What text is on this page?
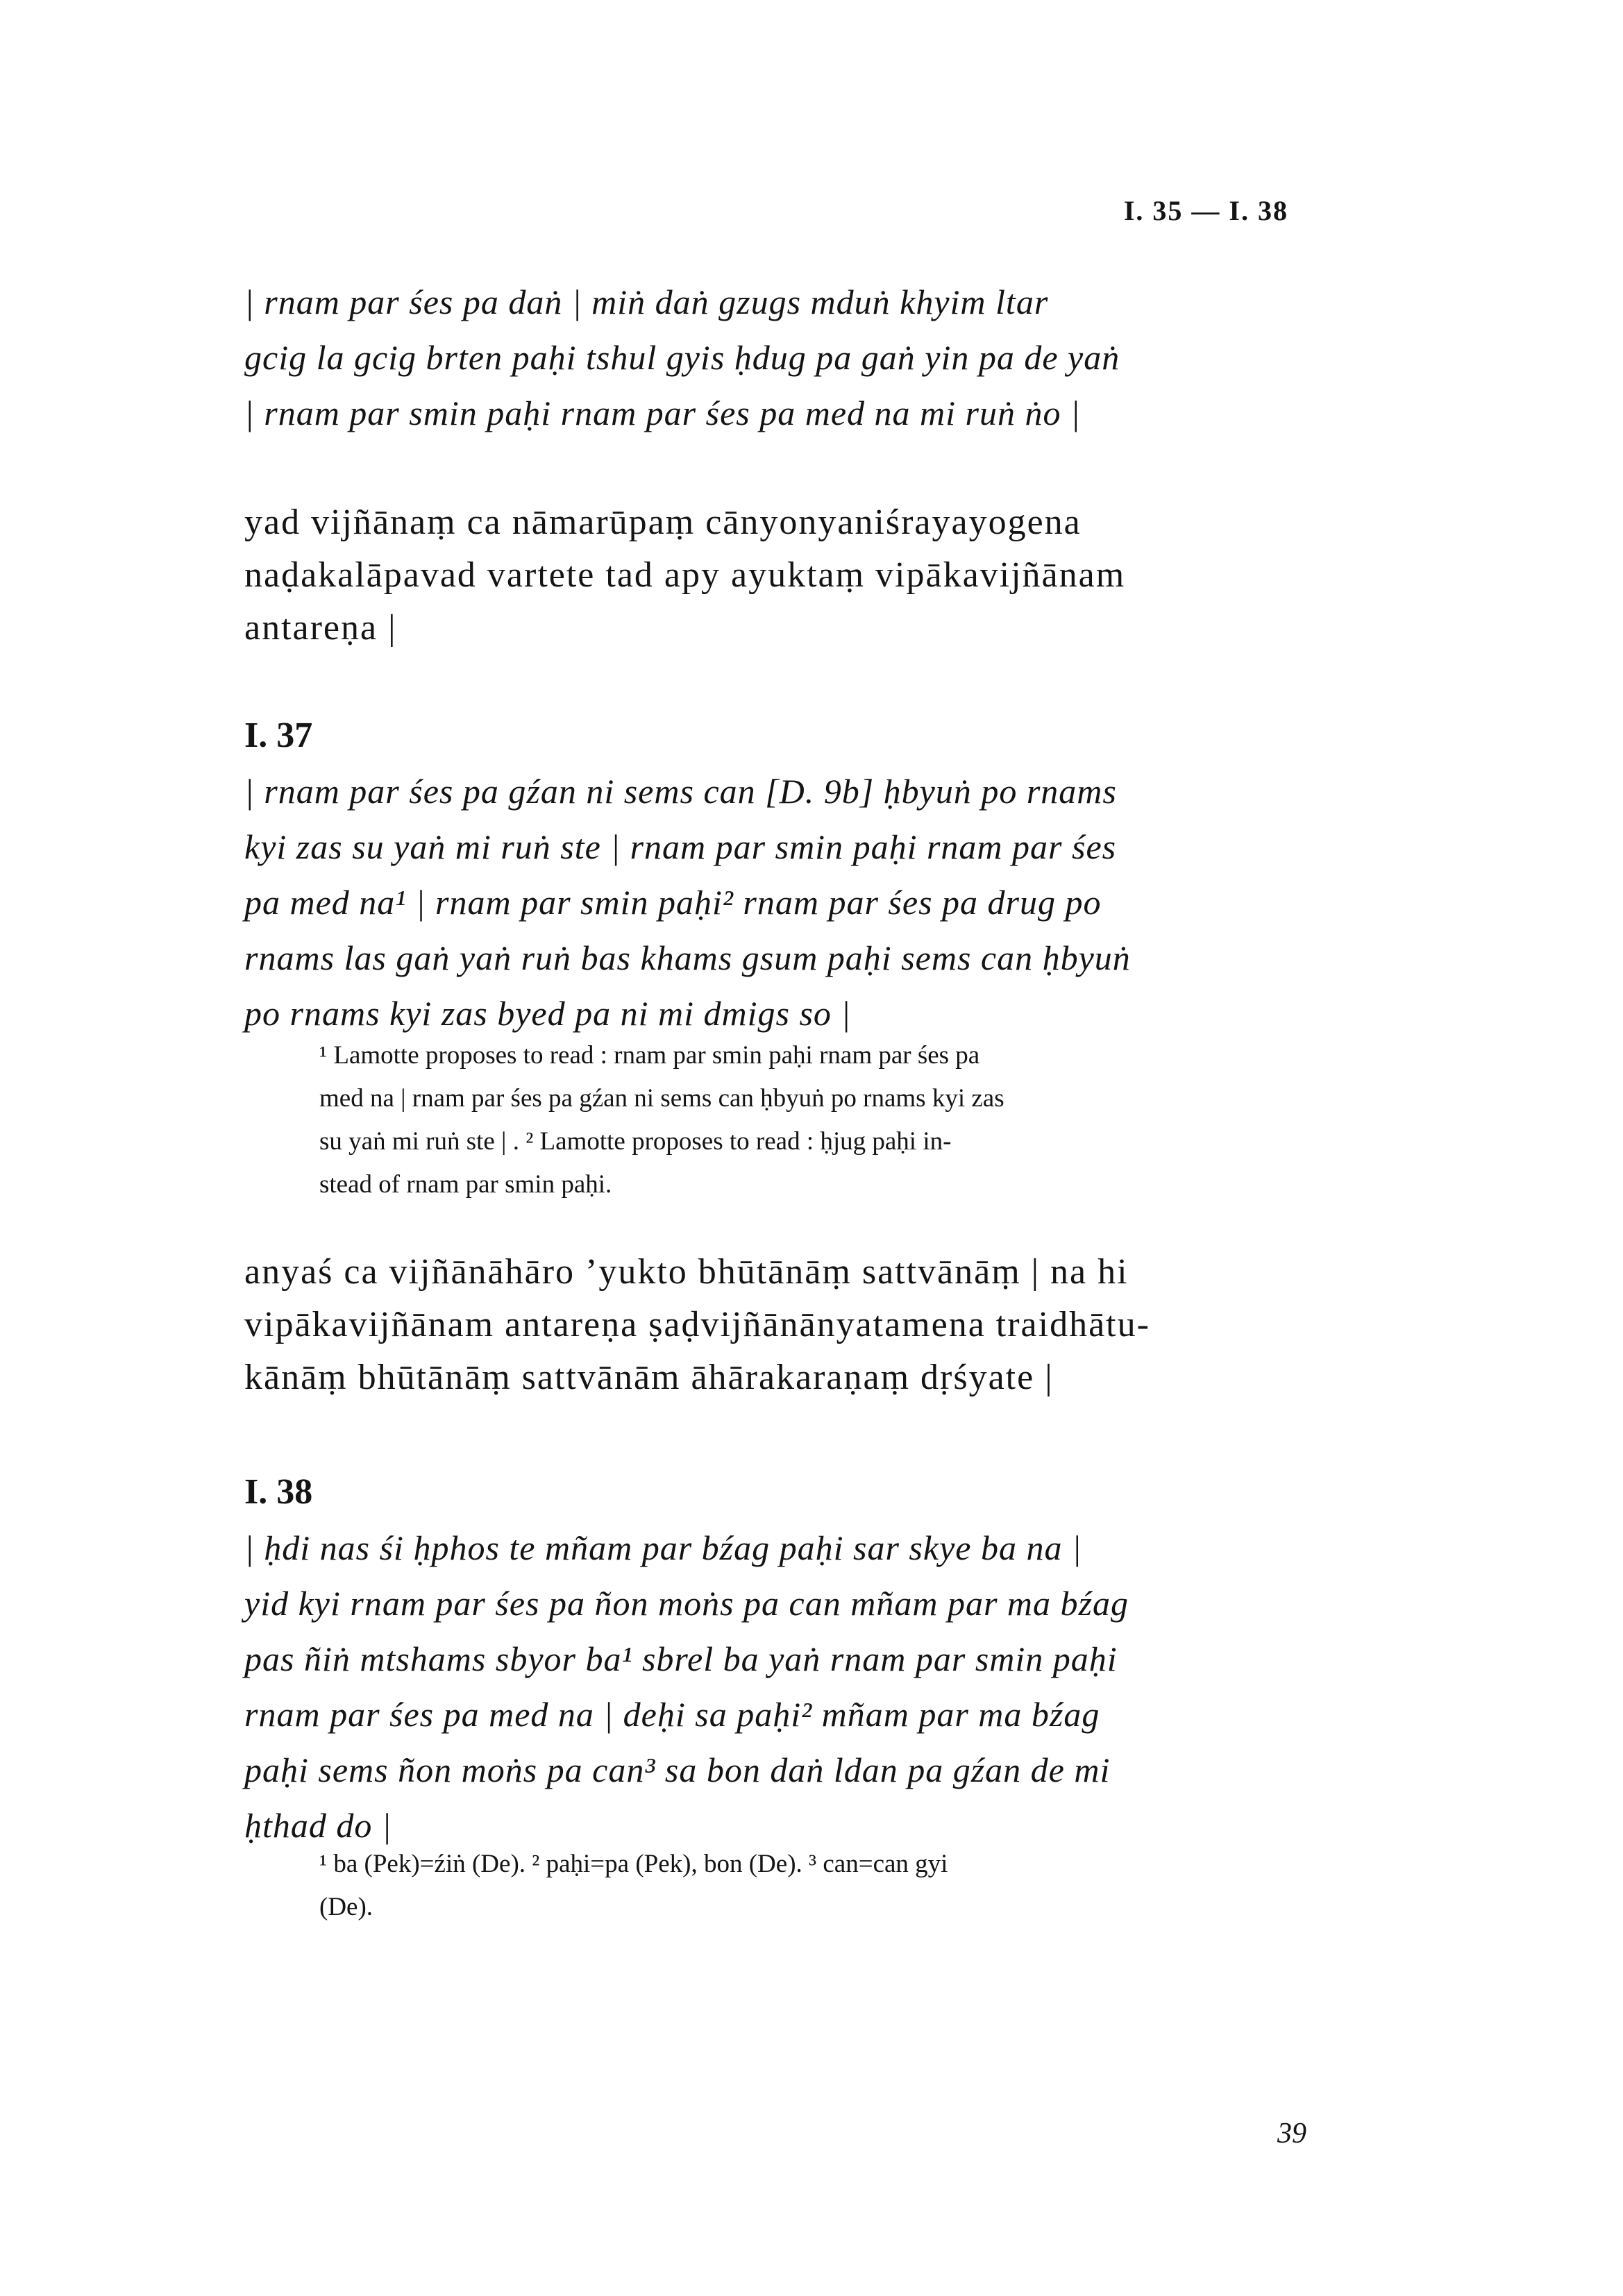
I. 35 — I. 38

| rnam par śes pa daṅ | miṅ daṅ gzugs mduṅ khyim ltar
gcig la gcig brten paḥi tshul gyis ḥdug pa gaṅ yin pa de yaṅ
| rnam par smin paḥi rnam par śes pa med na mi ruṅ ṅo |

yad vijñānaṃ ca nāmarūpaṃ cānyonyaniśrayayogena
naḍakalāpavad vartete tad apy ayuktaṃ vipākavijñānam
antareṇa |

I. 37

| rnam par śes pa gźan ni sems can [D. 9b] ḥbyuṅ po rnams
kyi zas su yaṅ mi ruṅ ste | rnam par smin paḥi rnam par śes
pa med na¹ | rnam par smin paḥi² rnam par śes pa drug po
rnams las gaṅ yaṅ ruṅ bas khams gsum paḥi sems can ḥbyuṅ
po rnams kyi zas byed pa ni mi dmigs so |

¹ Lamotte proposes to read : rnam par smin paḥi rnam par śes pa
med na | rnam par śes pa gźan ni sems can ḥbyuṅ po rnams kyi zas
su yaṅ mi ruṅ ste | . ² Lamotte proposes to read : ḥjug paḥi in-
stead of rnam par smin paḥi.

anyaś ca vijñānāhāro ’yukto bhūtānāṃ sattvānāṃ | na hi
vipākavijñānam antareṇa ṣaḍvijñānānyatamena traidhātu-
kānāṃ bhūtānāṃ sattvānām āhārakaraṇaṃ dṛśyate |

I. 38

| ḥdi nas śi ḥphos te mñam par bźag paḥi sar skye ba na |
yid kyi rnam par śes pa ñon moṅs pa can mñam par ma bźag
pas ñiṅ mtshams sbyor ba¹ sbrel ba yaṅ rnam par smin paḥi
rnam par śes pa med na | deḥi sa paḥi² mñam par ma bźag
paḥi sems ñon moṅs pa can³ sa bon daṅ ldan pa gźan de mi
ḥthad do |

¹ ba (Pek)=źiṅ (De). ² paḥi=pa (Pek), bon (De). ³ can=can gyi
(De).
39
